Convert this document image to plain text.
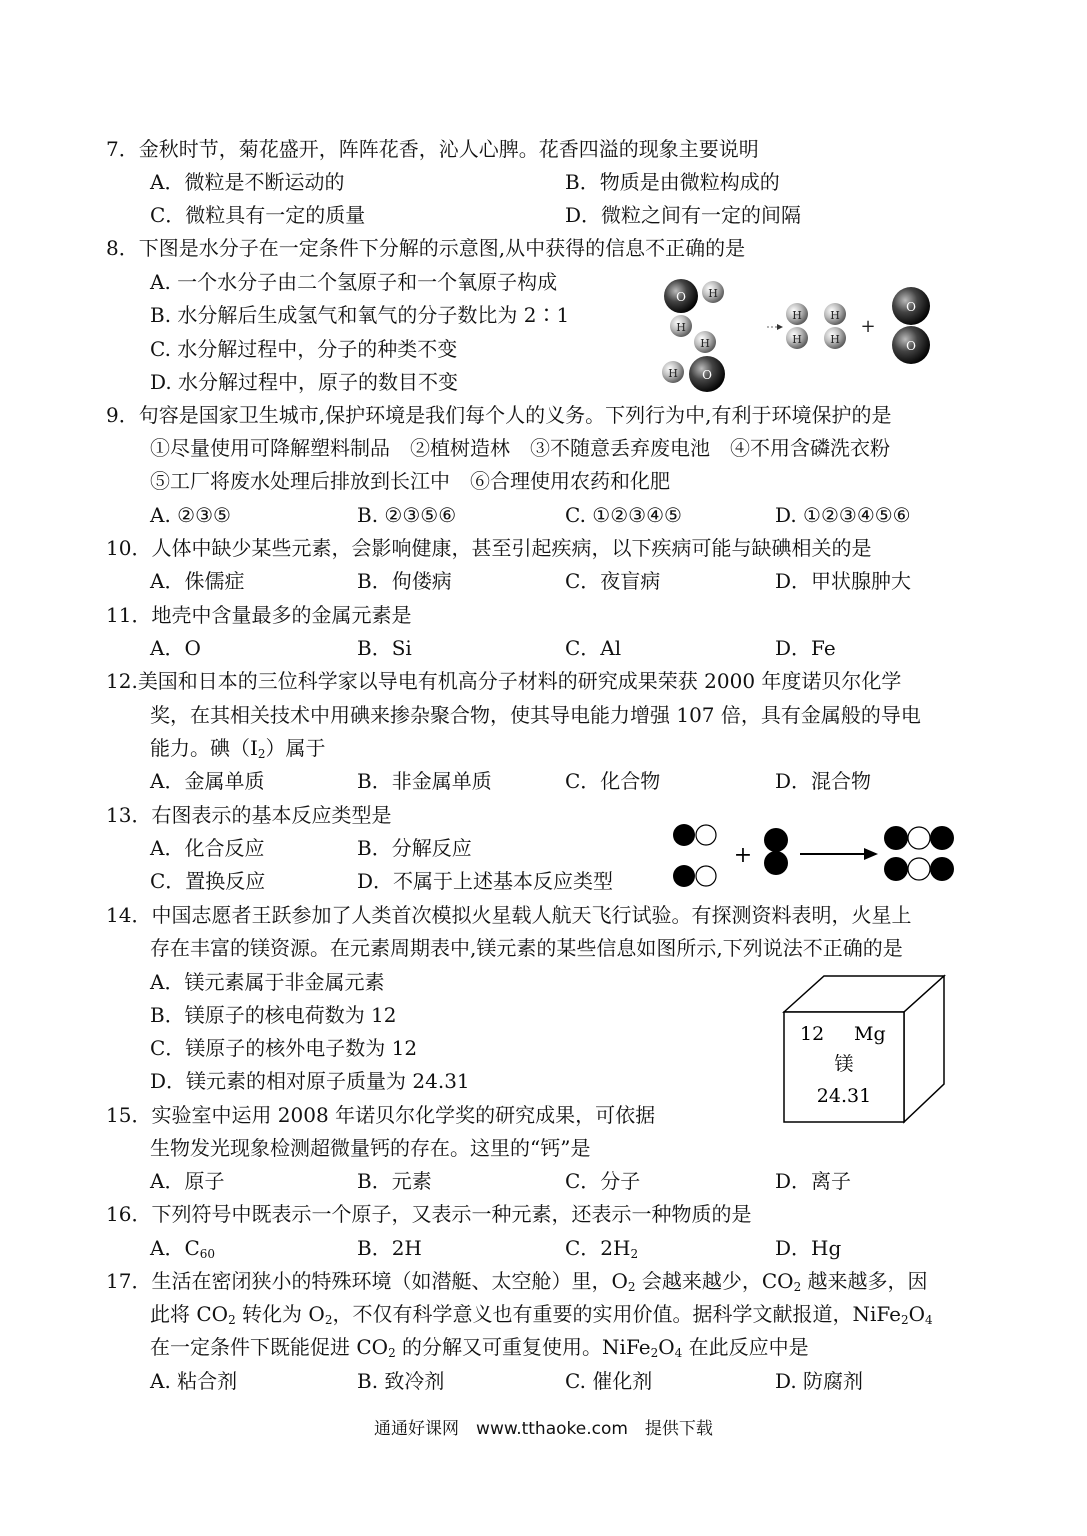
7．金秋时节，菊花盛开，阵阵花香，沁人心脾。花香四溢的现象主要说明
A．微粒是不断运动的	B．物质是由微粒构成的
C．微粒具有一定的质量	D．微粒之间有一定的间隔
8．下图是水分子在一定条件下分解的示意图,从中获得的信息不正确的是
A. 一个水分子由二个氢原子和一个氧原子构成
B. 水分解后生成氢气和氧气的分子数比为 2∶1
C. 水分解过程中，分子的种类不变
D. 水分解过程中，原子的数目不变
O H
H
O
H
H
H
H
H
H
+
O
O
9．句容是国家卫生城市,保护环境是我们每个人的义务。下列行为中,有利于环境保护的是
①尽量使用可降解塑料制品　②植树造林　③不随意丢弃废电池　④不用含磷洗衣粉
⑤工厂将废水处理后排放到长江中　⑥合理使用农药和化肥
A. ②③⑤	B. ②③⑤⑥	C. ①②③④⑤	D. ①②③④⑤⑥
10．人体中缺少某些元素，会影响健康，甚至引起疾病，以下疾病可能与缺碘相关的是
A．侏儒症	B．佝偻病	C．夜盲病	D．甲状腺肿大
11．地壳中含量最多的金属元素是
A．O	B．Si	C．Al	D．Fe
12.美国和日本的三位科学家以导电有机高分子材料的研究成果荣获 2000 年度诺贝尔化学
奖，在其相关技术中用碘来掺杂聚合物，使其导电能力增强 107 倍，具有金属般的导电
能力。碘$(I_2)$属于
A．金属单质	B．非金属单质	C．化合物	D．混合物
13．右图表示的基本反应类型是
A．化合反应	B．分解反应
C．置换反应	D．不属于上述基本反应类型
+
14．中国志愿者王跃参加了人类首次模拟火星载人航天飞行试验。有探测资料表明，火星上
存在丰富的镁资源。在元素周期表中,镁元素的某些信息如图所示,下列说法不正确的是
A．镁元素属于非金属元素
B．镁原子的核电荷数为 12
C．镁原子的核外电子数为 12
D．镁元素的相对原子质量为 24.31
12 Mg
镁
24.31
15．实验室中运用 2008 年诺贝尔化学奖的研究成果，可依据
生物发光现象检测超微量钙的存在。这里的“钙”是
A．原子	B．元素	C．分子	D．离子
16．下列符号中既表示一个原子，又表示一种元素，还表示一种物质的是
A．$C_{60}$	B．2H	C．$2H_2$	D．Hg
17．生活在密闭狭小的特殊环境（如潜艇、太空舱）里，$O_2$ 会越来越少，$CO_2$ 越来越多，因
此将 $CO_2$ 转化为 $O_2$，不仅有科学意义也有重要的实用价值。据科学文献报道，$NiFe_2O_4$
在一定条件下既能促进 $CO_2$ 的分解又可重复使用。$NiFe_2O_4$ 在此反应中是
A. 粘合剂	B. 致冷剂	C. 催化剂	D. 防腐剂
通通好课网　www.tthaoke.com　提供下载
